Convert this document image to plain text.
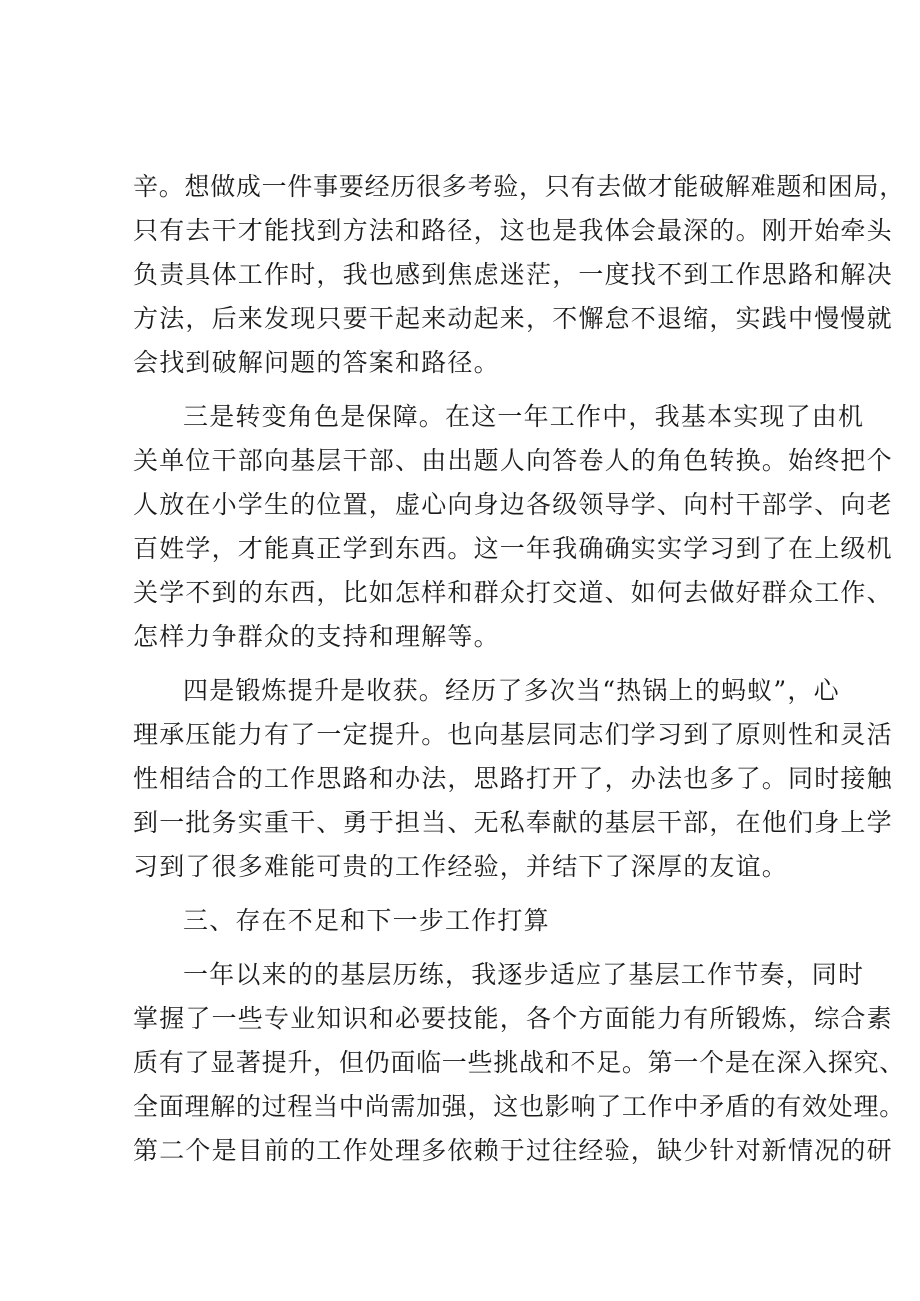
辛。想做成一件事要经历很多考验，只有去做才能破解难题和困局，
只有去干才能找到方法和路径，这也是我体会最深的。刚开始牵头
负责具体工作时，我也感到焦虑迷茫，一度找不到工作思路和解决
方法，后来发现只要干起来动起来，不懈怠不退缩，实践中慢慢就
会找到破解问题的答案和路径。
三是转变角色是保障。在这一年工作中，我基本实现了由机
关单位干部向基层干部、由出题人向答卷人的角色转换。始终把个
人放在小学生的位置，虚心向身边各级领导学、向村干部学、向老
百姓学，才能真正学到东西。这一年我确确实实学习到了在上级机
关学不到的东西，比如怎样和群众打交道、如何去做好群众工作、
怎样力争群众的支持和理解等。
四是锻炼提升是收获。经历了多次当“热锅上的蚂蚁”，心
理承压能力有了一定提升。也向基层同志们学习到了原则性和灵活
性相结合的工作思路和办法，思路打开了，办法也多了。同时接触
到一批务实重干、勇于担当、无私奉献的基层干部，在他们身上学
习到了很多难能可贵的工作经验，并结下了深厚的友谊。
三、存在不足和下一步工作打算
一年以来的的基层历练，我逐步适应了基层工作节奏，同时
掌握了一些专业知识和必要技能，各个方面能力有所锻炼，综合素
质有了显著提升，但仍面临一些挑战和不足。第一个是在深入探究、
全面理解的过程当中尚需加强，这也影响了工作中矛盾的有效处理。
第二个是目前的工作处理多依赖于过往经验，缺少针对新情况的研
